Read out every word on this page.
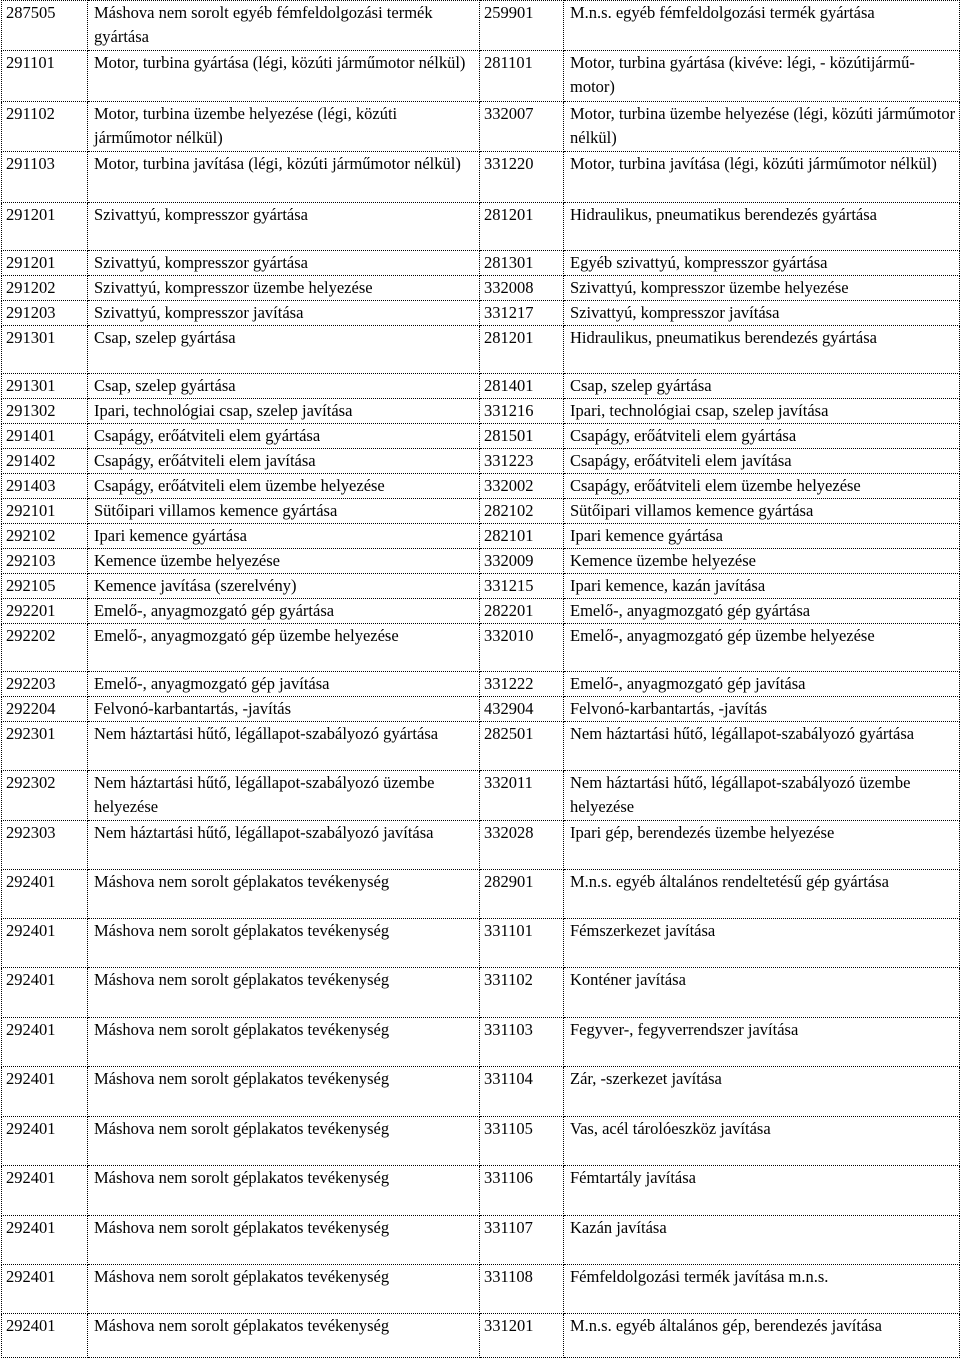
287505	Máshova nem sorolt egyéb fémfeldolgozási termék gyártása	259901	M.n.s. egyéb fémfeldolgozási termék gyártása
291101	Motor, turbina gyártása (légi, közúti járműmotor nélkül)	281101	Motor, turbina gyártása (kivéve: légi, - közútijármű-motor)
291102	Motor, turbina üzembe helyezése (légi, közúti járműmotor nélkül)	332007	Motor, turbina üzembe helyezése (légi, közúti járműmotor nélkül)
291103	Motor, turbina javítása (légi, közúti járműmotor nélkül)	331220	Motor, turbina javítása (légi, közúti járműmotor nélkül)
291201	Szivattyú, kompresszor gyártása	281201	Hidraulikus, pneumatikus berendezés gyártása
291201	Szivattyú, kompresszor gyártása	281301	Egyéb szivattyú, kompresszor gyártása
291202	Szivattyú, kompresszor üzembe helyezése	332008	Szivattyú, kompresszor üzembe helyezése
291203	Szivattyú, kompresszor javítása	331217	Szivattyú, kompresszor javítása
291301	Csap, szelep gyártása	281201	Hidraulikus, pneumatikus berendezés gyártása
291301	Csap, szelep gyártása	281401	Csap, szelep gyártása
291302	Ipari, technológiai csap, szelep javítása	331216	Ipari, technológiai csap, szelep javítása
291401	Csapágy, erőátviteli elem gyártása	281501	Csapágy, erőátviteli elem gyártása
291402	Csapágy, erőátviteli elem javítása	331223	Csapágy, erőátviteli elem javítása
291403	Csapágy, erőátviteli elem üzembe helyezése	332002	Csapágy, erőátviteli elem üzembe helyezése
292101	Sütőipari villamos kemence gyártása	282102	Sütőipari villamos kemence gyártása
292102	Ipari kemence gyártása	282101	Ipari kemence gyártása
292103	Kemence üzembe helyezése	332009	Kemence üzembe helyezése
292105	Kemence javítása (szerelvény)	331215	Ipari kemence, kazán javítása
292201	Emelő-, anyagmozgató gép gyártása	282201	Emelő-, anyagmozgató gép gyártása
292202	Emelő-, anyagmozgató gép üzembe helyezése	332010	Emelő-, anyagmozgató gép üzembe helyezése
292203	Emelő-, anyagmozgató gép javítása	331222	Emelő-, anyagmozgató gép javítása
292204	Felvonó-karbantartás, -javítás	432904	Felvonó-karbantartás, -javítás
292301	Nem háztartási hűtő, légállapot-szabályozó gyártása	282501	Nem háztartási hűtő, légállapot-szabályozó gyártása
292302	Nem háztartási hűtő, légállapot-szabályozó üzembe helyezése	332011	Nem háztartási hűtő, légállapot-szabályozó üzembe helyezése
292303	Nem háztartási hűtő, légállapot-szabályozó javítása	332028	Ipari gép, berendezés üzembe helyezése
292401	Máshova nem sorolt géplakatos tevékenység	282901	M.n.s. egyéb általános rendeltetésű gép gyártása
292401	Máshova nem sorolt géplakatos tevékenység	331101	Fémszerkezet javítása
292401	Máshova nem sorolt géplakatos tevékenység	331102	Konténer javítása
292401	Máshova nem sorolt géplakatos tevékenység	331103	Fegyver-, fegyverrendszer javítása
292401	Máshova nem sorolt géplakatos tevékenység	331104	Zár, -szerkezet javítása
292401	Máshova nem sorolt géplakatos tevékenység	331105	Vas, acél tárolóeszköz javítása
292401	Máshova nem sorolt géplakatos tevékenység	331106	Fémtartály javítása
292401	Máshova nem sorolt géplakatos tevékenység	331107	Kazán javítása
292401	Máshova nem sorolt géplakatos tevékenység	331108	Fémfeldolgozási termék javítása m.n.s.
292401	Máshova nem sorolt géplakatos tevékenység	331201	M.n.s. egyéb általános gép, berendezés javítása
